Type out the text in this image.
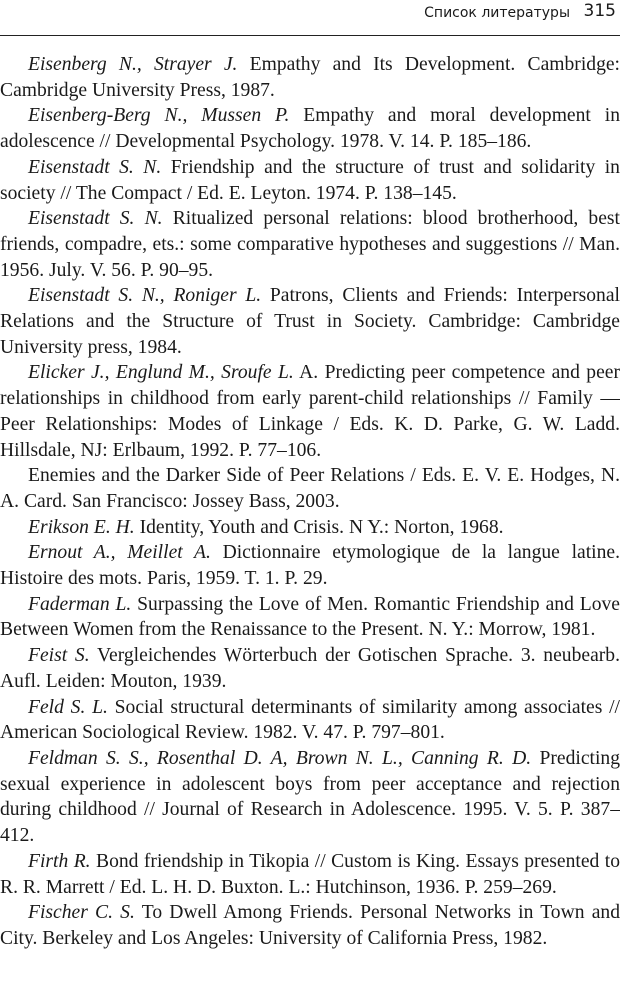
Список литературы 315

Eisenberg N., Strayer J. Empathy and Its Development. Cambridge: Cambridge University Press, 1987.

Eisenberg-Berg N., Mussen P. Empathy and moral development in adolescence // Developmental Psychology. 1978. V. 14. P. 185–186.

Eisenstadt S. N. Friendship and the structure of trust and solidarity in society // The Compact / Ed. E. Leyton. 1974. P. 138–145.

Eisenstadt S. N. Ritualized personal relations: blood brotherhood, best friends, compadre, ets.: some comparative hypotheses and suggestions // Man. 1956. July. V. 56. P. 90–95.

Eisenstadt S. N., Roniger L. Patrons, Clients and Friends: Interpersonal Relations and the Structure of Trust in Society. Cambridge: Cambridge University press, 1984.

Elicker J., Englund M., Sroufe L. A. Predicting peer competence and peer relationships in childhood from early parent-child relationships // Family — Peer Relationships: Modes of Linkage / Eds. K. D. Parke, G. W. Ladd. Hillsdale, NJ: Erlbaum, 1992. P. 77–106.

Enemies and the Darker Side of Peer Relations / Eds. E. V. E. Hodges, N. A. Card. San Francisco: Jossey Bass, 2003.

Erikson E. H. Identity, Youth and Crisis. N Y.: Norton, 1968.

Ernout A., Meillet A. Dictionnaire etymologique de la langue latine. Histoire des mots. Paris, 1959. T. 1. P. 29.

Faderman L. Surpassing the Love of Men. Romantic Friendship and Love Between Women from the Renaissance to the Present. N. Y.: Morrow, 1981.

Feist S. Vergleichendes Wörterbuch der Gotischen Sprache. 3. neubearb. Aufl. Leiden: Mouton, 1939.

Feld S. L. Social structural determinants of similarity among associates // American Sociological Review. 1982. V. 47. P. 797–801.

Feldman S. S., Rosenthal D. A, Brown N. L., Canning R. D. Predicting sexual experience in adolescent boys from peer acceptance and rejection during childhood // Journal of Research in Adolescence. 1995. V. 5. P. 387–412.

Firth R. Bond friendship in Tikopia // Custom is King. Essays presented to R. R. Marrett / Ed. L. H. D. Buxton. L.: Hutchinson, 1936. P. 259–269.

Fischer C. S. To Dwell Among Friends. Personal Networks in Town and City. Berkeley and Los Angeles: University of California Press, 1982.
